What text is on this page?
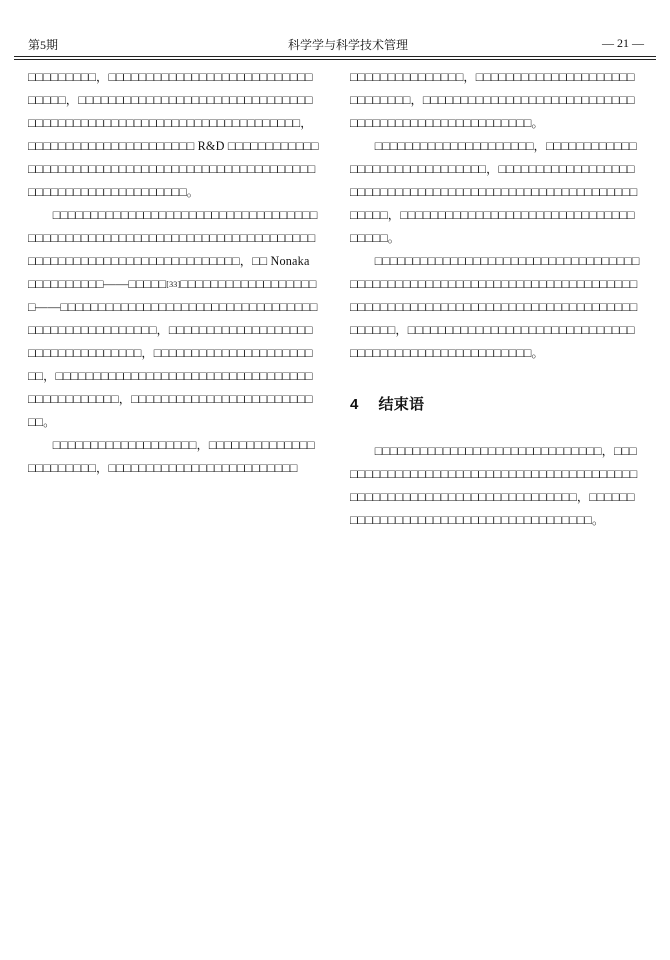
第5期	科学学与科学技术管理	— 21 —
□□□□□□□□□，□□□□□□□□□□□□□□□□□□□□□□□□□□□□□□□□，□□□□□□□□□□□□□□□□□□□□□□□□□□□□□□□□□□□□□□□□□□□□□□□□□□□□□□□□□□□□□□□□□□□，□□□□□□□□□□□□□□□□□□□□□□ R&D □□□□□□□□□□□□□□□□□□□□□□□□□□□□□□□□□□□□□□□□□□□□□□□□□□□□□□□□□□□□□□□□□□□□□□□。
　　□□□□□□□□□□□□□□□□□□□□□□□□□□□□□□□□□□□□□□□□□□□□□□□□□□□□□□□□□□□□□□□□□□□□□□□□□□□□□□□□□□□□□□□□□□□□□□□□□□□□□，□□ Nonaka □□□□□□□□□□——□□□□□[33]□□□□□□□□□□□□□□□□□□□——□□□□□□□□□□□□□□□□□□□□□□□□□□□□□□□□□□□□□□□□□□□□□□□□□□□，□□□□□□□□□□□□□□□□□□□□□□□□□□□□□□□□□□，□□□□□□□□□□□□□□□□□□□□□□□，□□□□□□□□□□□□□□□□□□□□□□□□□□□□□□□□□□□□□□□□□□□□□□，□□□□□□□□□□□□□□□□□□□□□□□□□□。
　　□□□□□□□□□□□□□□□□□□□，□□□□□□□□□□□□□□□□□□□□□□□，□□□□□□□□□□□□□□□□□□□□□□□□□
□□□□□□□□□□□□□□□，□□□□□□□□□□□□□□□□□□□□□□□□□□□□□，□□□□□□□□□□□□□□□□□□□□□□□□□□□□□□□□□□□□□□□□□□□□□□□□□□□□。
　　□□□□□□□□□□□□□□□□□□□□□，□□□□□□□□□□□□□□□□□□□□□□□□□□□□□□，□□□□□□□□□□□□□□□□□□□□□□□□□□□□□□□□□□□□□□□□□□□□□□□□□□□□□□□□□□□□□，□□□□□□□□□□□□□□□□□□□□□□□□□□□□□□□□□□□□。
　　□□□□□□□□□□□□□□□□□□□□□□□□□□□□□□□□□□□□□□□□□□□□□□□□□□□□□□□□□□□□□□□□□□□□□□□□□□□□□□□□□□□□□□□□□□□□□□□□□□□□□□□□□□□□□□□□□□□□□，□□□□□□□□□□□□□□□□□□□□□□□□□□□□□□□□□□□□□□□□□□□□□□□□□□□□□□。
4 结束语
　　□□□□□□□□□□□□□□□□□□□□□□□□□□□□□□，□□□□□□□□□□□□□□□□□□□□□□□□□□□□□□□□□□□□□□□□□□□□□□□□□□□□□□□□□□□□□□□□□□□□□□□，□□□□□□□□□□□□□□□□□□□□□□□□□□□□□□□□□□□□□□。
